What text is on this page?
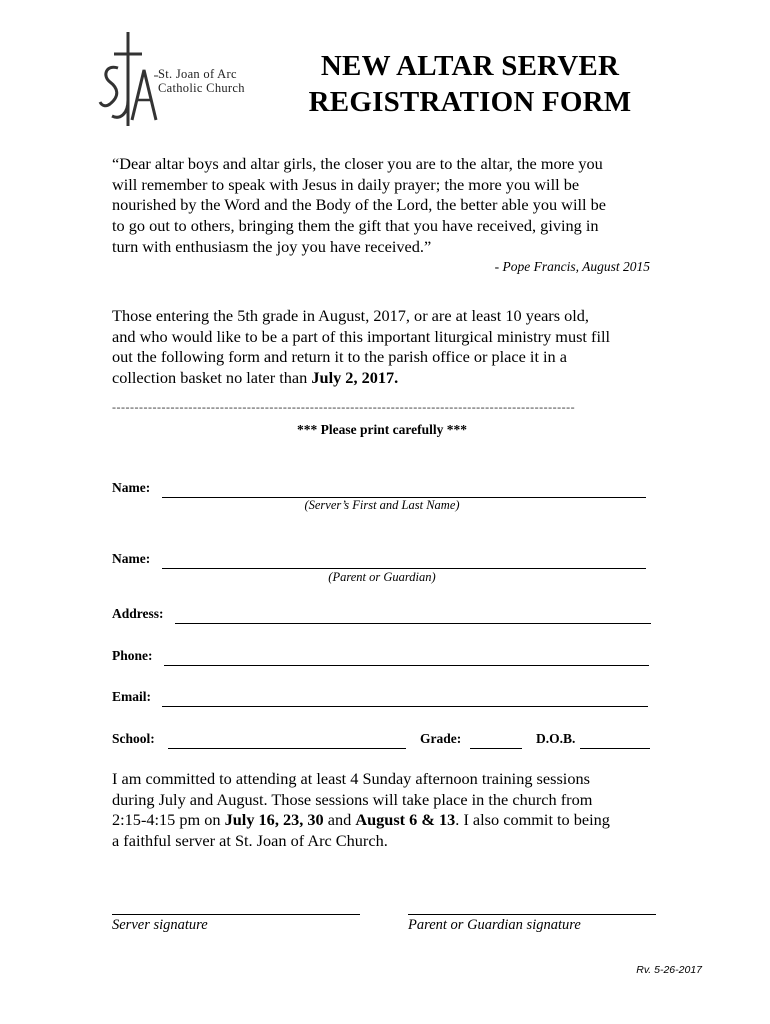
St. Joan of Arc
Catholic Church
NEW ALTAR SERVER
REGISTRATION FORM
“Dear altar boys and altar girls, the closer you are to the altar, the more you
will remember to speak with Jesus in daily prayer; the more you will be
nourished by the Word and the Body of the Lord, the better able you will be
to go out to others, bringing them the gift that you have received, giving in
turn with enthusiasm the joy you have received.”
- Pope Francis, August 2015
Those entering the 5th grade in August, 2017, or are at least 10 years old,
and who would like to be a part of this important liturgical ministry must fill
out the following form and return it to the parish office or place it in a
collection basket no later than July 2, 2017.
-------------------------------------------------------------------------------------------------------
*** Please print carefully ***
Name:
(Server’s First and Last Name)
Name:
(Parent or Guardian)
Address:
Phone:
Email:
School:	Grade:	D.O.B.
I am committed to attending at least 4 Sunday afternoon training sessions
during July and August. Those sessions will take place in the church from
2:15-4:15 pm on July 16, 23, 30 and August 6 & 13. I also commit to being
a faithful server at St. Joan of Arc Church.
Server signature	Parent or Guardian signature
Rv. 5-26-2017
